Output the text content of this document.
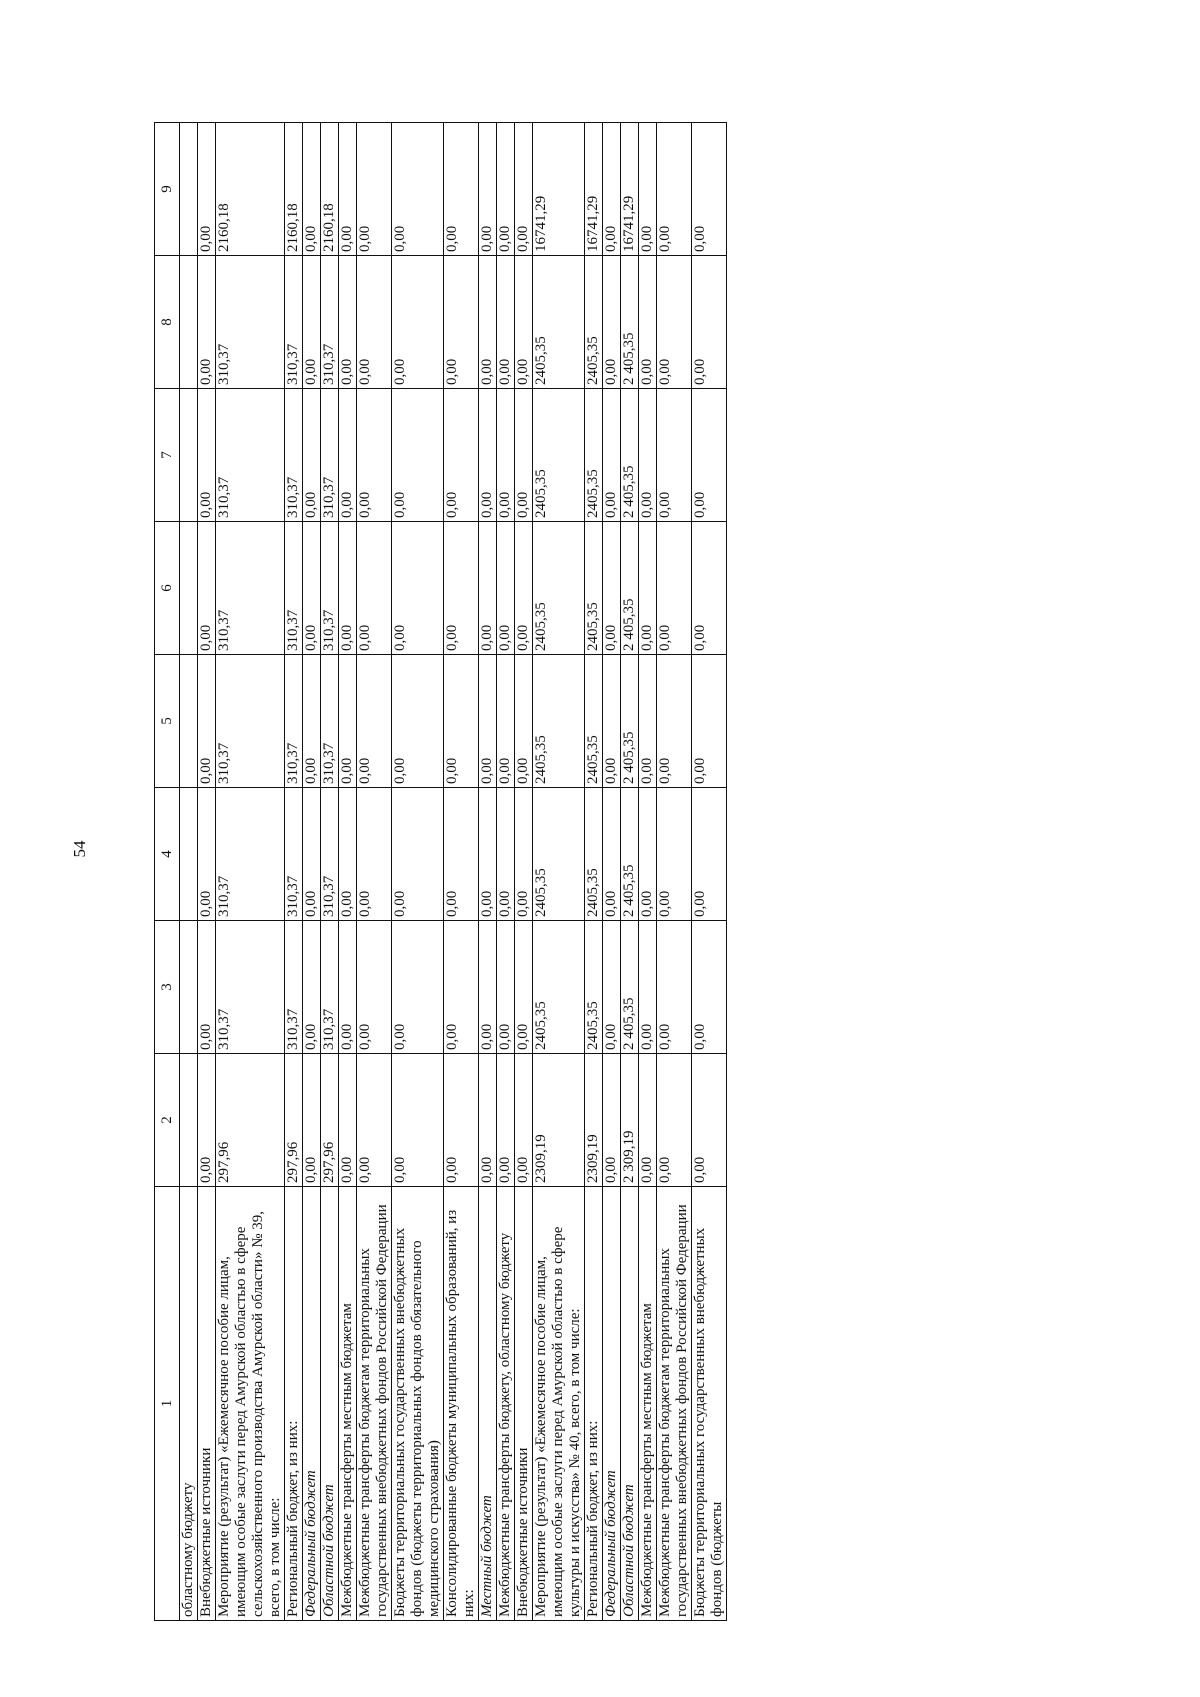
54
1	2	3	4	5	6	7	8	9
областному бюджету								
Внебюджетные источники	0,00	0,00	0,00	0,00	0,00	0,00	0,00	0,00
Мероприятие (результат) «Ежемесячное пособие лицам, имеющим особые заслуги перед Амурской областью в сфере сельскохозяйственного производства Амурской области» № 39, всего, в том числе:	297,96	310,37	310,37	310,37	310,37	310,37	310,37	2160,18
Региональный бюджет, из них:	297,96	310,37	310,37	310,37	310,37	310,37	310,37	2160,18
Федеральный бюджет	0,00	0,00	0,00	0,00	0,00	0,00	0,00	0,00
Областной бюджет	297,96	310,37	310,37	310,37	310,37	310,37	310,37	2160,18
Межбюджетные трансферты местным бюджетам	0,00	0,00	0,00	0,00	0,00	0,00	0,00	0,00
Межбюджетные трансферты бюджетам территориальных государственных внебюджетных фондов Российской Федерации	0,00	0,00	0,00	0,00	0,00	0,00	0,00	0,00
Бюджеты территориальных государственных внебюджетных фондов (бюджеты территориальных фондов обязательного медицинского страхования)	0,00	0,00	0,00	0,00	0,00	0,00	0,00	0,00
Консолидированные бюджеты муниципальных образований, из них:	0,00	0,00	0,00	0,00	0,00	0,00	0,00	0,00
Местный бюджет	0,00	0,00	0,00	0,00	0,00	0,00	0,00	0,00
Межбюджетные трансферты бюджету, областному бюджету	0,00	0,00	0,00	0,00	0,00	0,00	0,00	0,00
Внебюджетные источники	0,00	0,00	0,00	0,00	0,00	0,00	0,00	0,00
Мероприятие (результат) «Ежемесячное пособие лицам, имеющим особые заслуги перед Амурской областью в сфере культуры и искусства» № 40, всего, в том числе:	2309,19	2405,35	2405,35	2405,35	2405,35	2405,35	2405,35	16741,29
Региональный бюджет, из них:	2309,19	2405,35	2405,35	2405,35	2405,35	2405,35	2405,35	16741,29
Федеральный бюджет	0,00	0,00	0,00	0,00	0,00	0,00	0,00	0,00
Областной бюджет	2 309,19	2 405,35	2 405,35	2 405,35	2 405,35	2 405,35	2 405,35	16741,29
Межбюджетные трансферты местным бюджетам	0,00	0,00	0,00	0,00	0,00	0,00	0,00	0,00
Межбюджетные трансферты бюджетам территориальных государственных внебюджетных фондов Российской Федерации	0,00	0,00	0,00	0,00	0,00	0,00	0,00	0,00
Бюджеты территориальных государственных внебюджетных фондов (бюджеты	0,00	0,00	0,00	0,00	0,00	0,00	0,00	0,00
